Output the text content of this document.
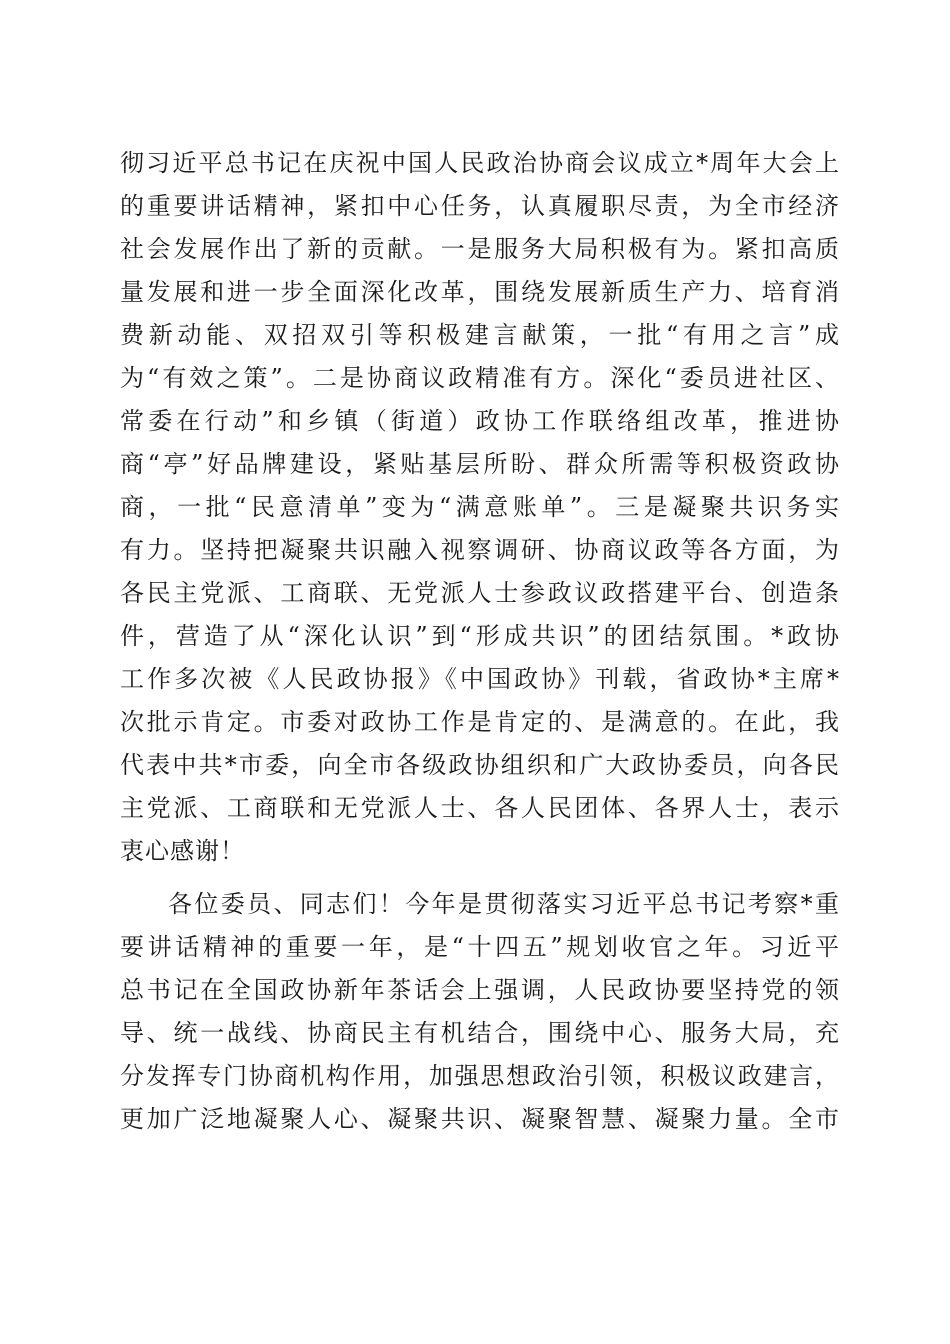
彻习近平总书记在庆祝中国人民政治协商会议成立*周年大会上
的重要讲话精神，紧扣中心任务，认真履职尽责，为全市经济
社会发展作出了新的贡献。一是服务大局积极有为。紧扣高质
量发展和进一步全面深化改革，围绕发展新质生产力、培育消
费新动能、双招双引等积极建言献策，一批“有用之言”成
为“有效之策”。二是协商议政精准有方。深化“委员进社区、
常委在行动”和乡镇（街道）政协工作联络组改革，推进协
商“亭”好品牌建设，紧贴基层所盼、群众所需等积极资政协
商，一批“民意清单”变为“满意账单”。三是凝聚共识务实
有力。坚持把凝聚共识融入视察调研、协商议政等各方面，为
各民主党派、工商联、无党派人士参政议政搭建平台、创造条
件，营造了从“深化认识”到“形成共识”的团结氛围。*政协
工作多次被《人民政协报》《中国政协》刊载，省政协*主席*
次批示肯定。市委对政协工作是肯定的、是满意的。在此，我
代表中共*市委，向全市各级政协组织和广大政协委员，向各民
主党派、工商联和无党派人士、各人民团体、各界人士，表示
衷心感谢！
各位委员、同志们！今年是贯彻落实习近平总书记考察*重
要讲话精神的重要一年，是“十四五”规划收官之年。习近平
总书记在全国政协新年茶话会上强调，人民政协要坚持党的领
导、统一战线、协商民主有机结合，围绕中心、服务大局，充
分发挥专门协商机构作用，加强思想政治引领，积极议政建言，
更加广泛地凝聚人心、凝聚共识、凝聚智慧、凝聚力量。全市
